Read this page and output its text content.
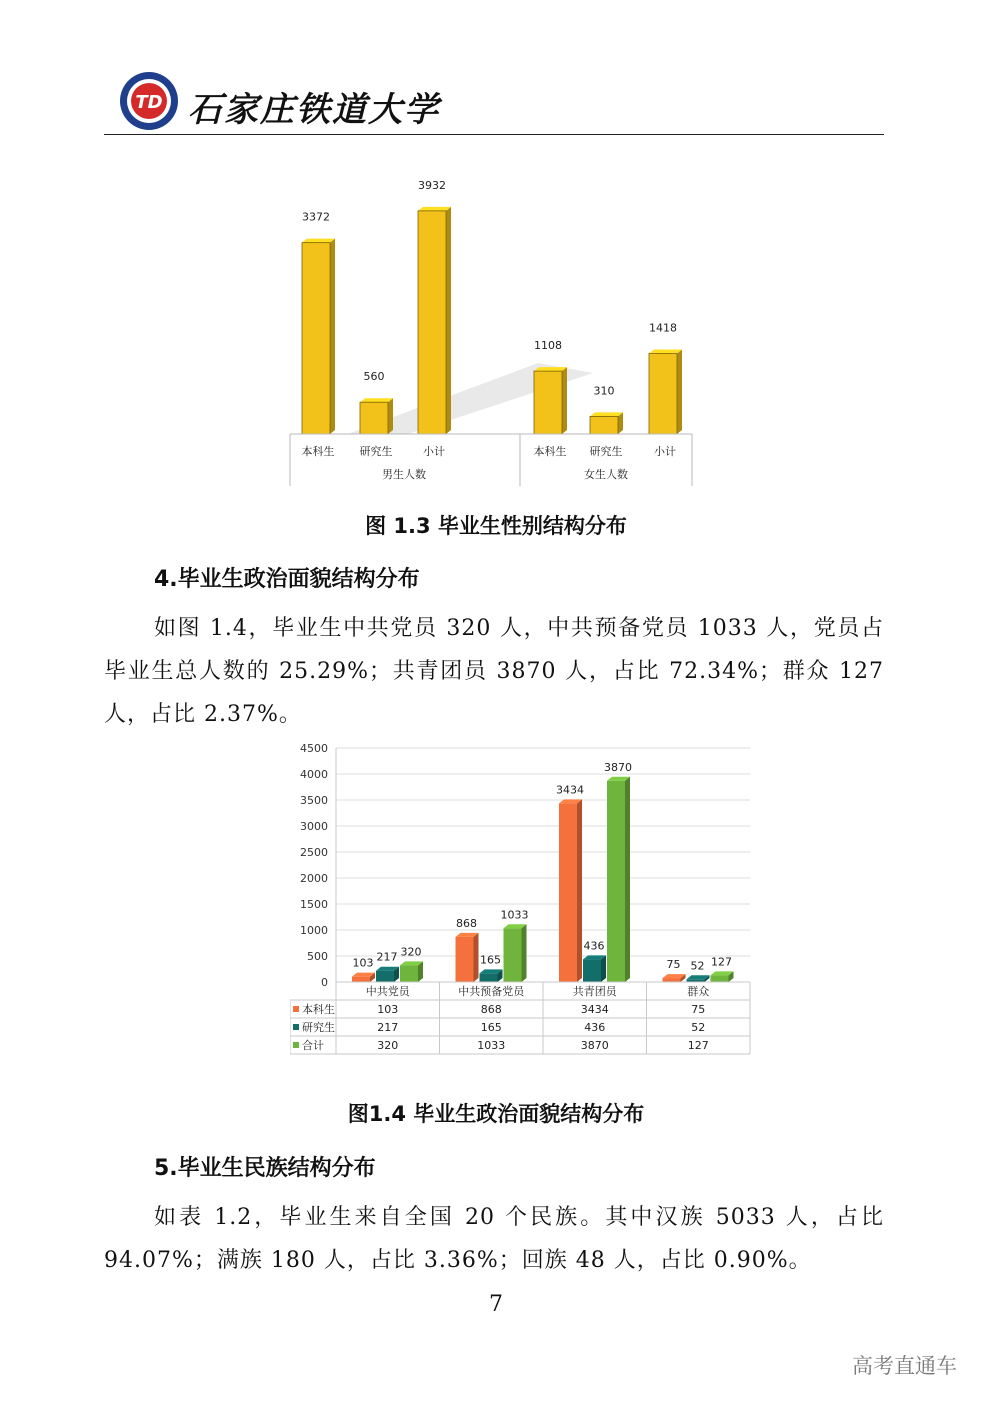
TD 石家庄铁道大学
3372
本科生
560
研究生
3932
小计
男生人数
1108
本科生
310
研究生
1418
小计
女生人数
图 1.3 毕业生性别结构分布
4.毕业生政治面貌结构分布
如图 1.4，毕业生中共党员 320 人，中共预备党员 1033 人，党员占毕业生总人数的 25.29%；共青团员 3870 人，占比 72.34%；群众 127 人，占比 2.37%。
0
500
1000
1500
2000
2500
3000
3500
4000
4500
103 217 320
868
165
1033
3434
436
3870
75 52 127
中共党员	中共预备党员	共青团员	群众
本科生	103	868	3434	75
研究生	217	165	436	52
合计	320	1033	3870	127
图1.4 毕业生政治面貌结构分布
5.毕业生民族结构分布
如表 1.2，毕业生来自全国 20 个民族。其中汉族 5033 人，占比 94.07%；满族 180 人，占比 3.36%；回族 48 人，占比 0.90%。
7
高考直通车
